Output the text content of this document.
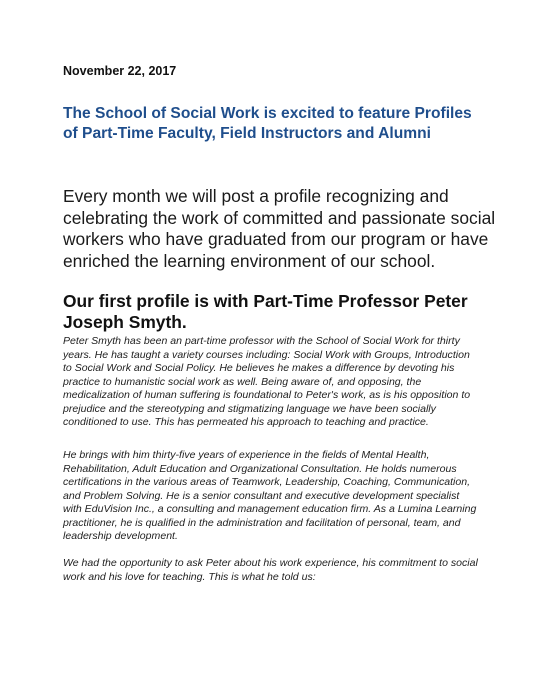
November 22, 2017
The School of Social Work is excited to feature Profiles of Part-Time Faculty, Field Instructors and Alumni

Every month we will post a profile recognizing and celebrating the work of committed and passionate social workers who have graduated from our program or have enriched the learning environment of our school.

Our first profile is with Part-Time Professor Peter Joseph Smyth.

Peter Smyth has been an part-time professor with the School of Social Work for thirty years. He has taught a variety courses including: Social Work with Groups, Introduction to Social Work and Social Policy. He believes he makes a difference by devoting his practice to humanistic social work as well. Being aware of, and opposing, the medicalization of human suffering is foundational to Peter's work, as is his opposition to prejudice and the stereotyping and stigmatizing language we have been socially conditioned to use. This has permeated his approach to teaching and practice.

He brings with him thirty-five years of experience in the fields of Mental Health, Rehabilitation, Adult Education and Organizational Consultation. He holds numerous certifications in the various areas of Teamwork, Leadership, Coaching, Communication, and Problem Solving. He is a senior consultant and executive development specialist with EduVision Inc., a consulting and management education firm. As a Lumina Learning practitioner, he is qualified in the administration and facilitation of personal, team, and leadership development.

We had the opportunity to ask Peter about his work experience, his commitment to social work and his love for teaching. This is what he told us:
